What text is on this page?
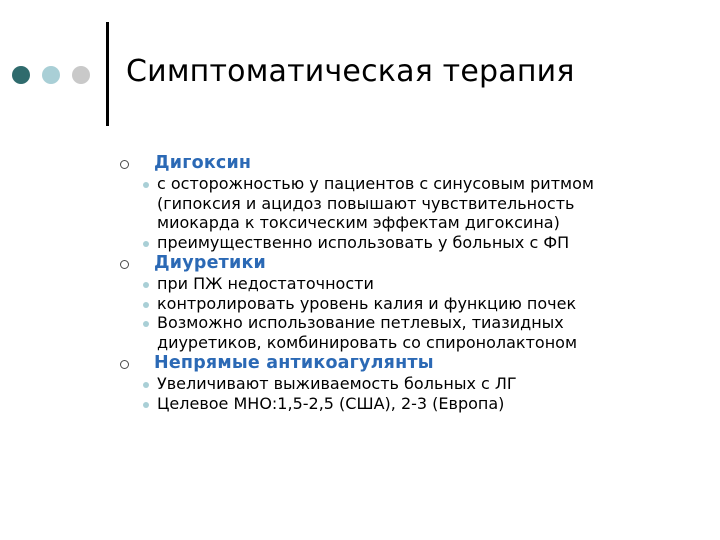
Симптоматическая терапия
Дигоксин
с осторожностью у пациентов с синусовым ритмом
(гипоксия и ацидоз повышают чувствительность
миокарда к токсическим эффектам дигоксина)
преимущественно использовать у больных с ФП
Диуретики
при ПЖ недостаточности
контролировать уровень калия и функцию почек
Возможно использование петлевых, тиазидных
диуретиков, комбинировать со спиронолактоном
Непрямые антикоагулянты
Увеличивают выживаемость больных с ЛГ
Целевое МНО:1,5-2,5 (США), 2-3 (Европа)
